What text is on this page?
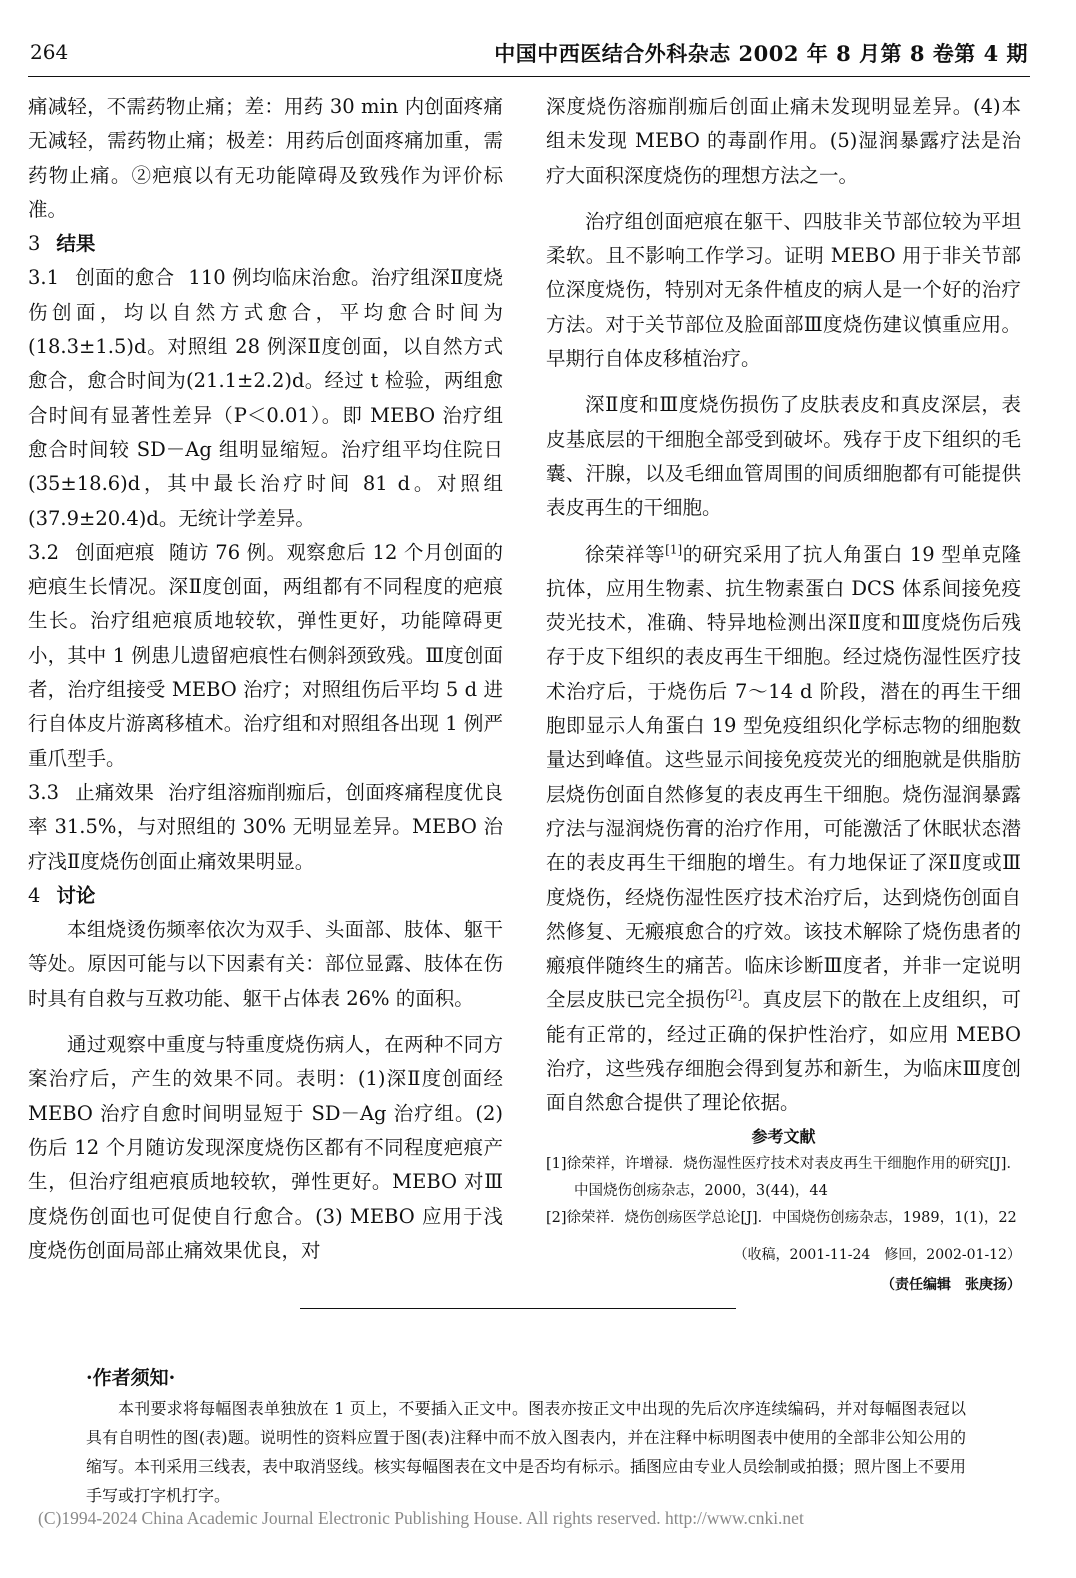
264	中国中西医结合外科杂志 2002 年 8 月第 8 卷第 4 期

痛减轻，不需药物止痛；差：用药 30 min 内创面疼痛无减轻，需药物止痛；极差：用药后创面疼痛加重，需药物止痛。②疤痕以有无功能障碍及致残作为评价标准。

3 结果

3.1 创面的愈合 110 例均临床治愈。治疗组深Ⅱ度烧伤创面，均以自然方式愈合，平均愈合时间为(18.3±1.5)d。对照组 28 例深Ⅱ度创面，以自然方式愈合，愈合时间为(21.1±2.2)d。经过 t 检验，两组愈合时间有显著性差异（P＜0.01）。即 MEBO 治疗组愈合时间较 SD－Ag 组明显缩短。治疗组平均住院日(35±18.6)d，其中最长治疗时间 81 d。对照组(37.9±20.4)d。无统计学差异。

3.2 创面疤痕 随访 76 例。观察愈后 12 个月创面的疤痕生长情况。深Ⅱ度创面，两组都有不同程度的疤痕生长。治疗组疤痕质地较软，弹性更好，功能障碍更小，其中 1 例患儿遗留疤痕性右侧斜颈致残。Ⅲ度创面者，治疗组接受 MEBO 治疗；对照组伤后平均 5 d 进行自体皮片游离移植术。治疗组和对照组各出现 1 例严重爪型手。

3.3 止痛效果 治疗组溶痂削痂后，创面疼痛程度优良率 31.5%，与对照组的 30% 无明显差异。MEBO 治疗浅Ⅱ度烧伤创面止痛效果明显。

4 讨论

本组烧烫伤频率依次为双手、头面部、肢体、躯干等处。原因可能与以下因素有关：部位显露、肢体在伤时具有自救与互救功能、躯干占体表 26% 的面积。

通过观察中重度与特重度烧伤病人，在两种不同方案治疗后，产生的效果不同。表明：(1)深Ⅱ度创面经 MEBO 治疗自愈时间明显短于 SD－Ag 治疗组。(2)伤后 12 个月随访发现深度烧伤区都有不同程度疤痕产生，但治疗组疤痕质地较软，弹性更好。MEBO 对Ⅲ度烧伤创面也可促使自行愈合。(3) MEBO 应用于浅度烧伤创面局部止痛效果优良，对

深度烧伤溶痂削痂后创面止痛未发现明显差异。(4)本组未发现 MEBO 的毒副作用。(5)湿润暴露疗法是治疗大面积深度烧伤的理想方法之一。

治疗组创面疤痕在躯干、四肢非关节部位较为平坦柔软。且不影响工作学习。证明 MEBO 用于非关节部位深度烧伤，特别对无条件植皮的病人是一个好的治疗方法。对于关节部位及脸面部Ⅲ度烧伤建议慎重应用。早期行自体皮移植治疗。

深Ⅱ度和Ⅲ度烧伤损伤了皮肤表皮和真皮深层，表皮基底层的干细胞全部受到破坏。残存于皮下组织的毛囊、汗腺，以及毛细血管周围的间质细胞都有可能提供表皮再生的干细胞。

徐荣祥等[1]的研究采用了抗人角蛋白 19 型单克隆抗体，应用生物素、抗生物素蛋白 DCS 体系间接免疫荧光技术，准确、特异地检测出深Ⅱ度和Ⅲ度烧伤后残存于皮下组织的表皮再生干细胞。经过烧伤湿性医疗技术治疗后，于烧伤后 7～14 d 阶段，潜在的再生干细胞即显示人角蛋白 19 型免疫组织化学标志物的细胞数量达到峰值。这些显示间接免疫荧光的细胞就是供脂肪层烧伤创面自然修复的表皮再生干细胞。烧伤湿润暴露疗法与湿润烧伤膏的治疗作用，可能激活了休眠状态潜在的表皮再生干细胞的增生。有力地保证了深Ⅱ度或Ⅲ度烧伤，经烧伤湿性医疗技术治疗后，达到烧伤创面自然修复、无瘢痕愈合的疗效。该技术解除了烧伤患者的瘢痕伴随终生的痛苦。临床诊断Ⅲ度者，并非一定说明全层皮肤已完全损伤[2]。真皮层下的散在上皮组织，可能有正常的，经过正确的保护性治疗，如应用 MEBO 治疗，这些残存细胞会得到复苏和新生，为临床Ⅲ度创面自然愈合提供了理论依据。

参考文献
[1]徐荣祥，许增禄．烧伤湿性医疗技术对表皮再生干细胞作用的研究[J]．中国烧伤创疡杂志，2000，3(44)，44
[2]徐荣祥．烧伤创疡医学总论[J]．中国烧伤创疡杂志，1989，1(1)，22
（收稿，2001-11-24　修回，2002-01-12）
（责任编辑　张庚扬）
·作者须知·
本刊要求将每幅图表单独放在 1 页上，不要插入正文中。图表亦按正文中出现的先后次序连续编码，并对每幅图表冠以具有自明性的图(表)题。说明性的资料应置于图(表)注释中而不放入图表内，并在注释中标明图表中使用的全部非公知公用的缩写。本刊采用三线表，表中取消竖线。核实每幅图表在文中是否均有标示。插图应由专业人员绘制或拍摄；照片图上不要用手写或打字机打字。
(C)1994-2024 China Academic Journal Electronic Publishing House. All rights reserved. http://www.cnki.net
